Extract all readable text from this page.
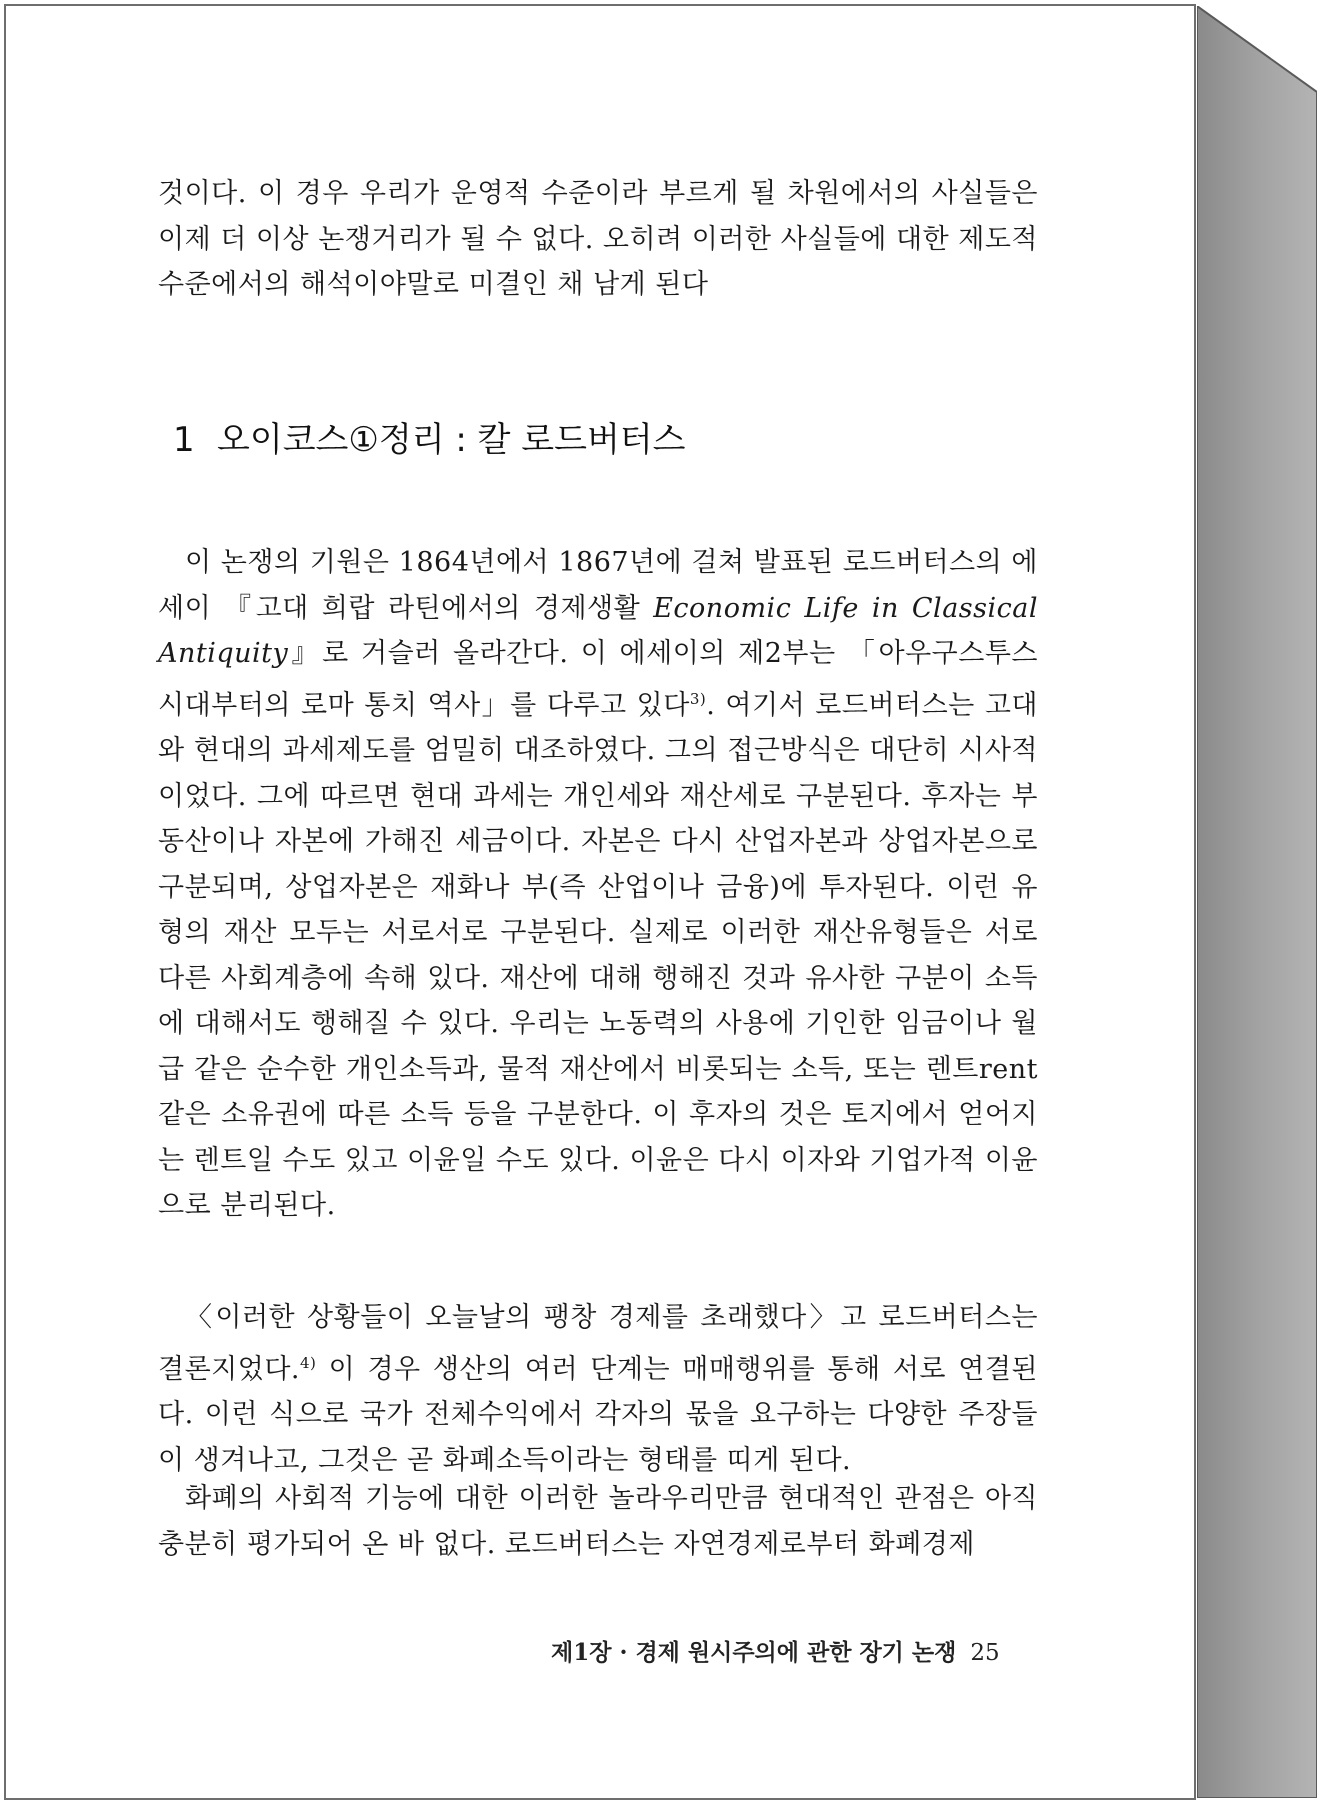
것이다. 이 경우 우리가 운영적 수준이라 부르게 될 차원에서의 사실들은 이제 더 이상 논쟁거리가 될 수 없다. 오히려 이러한 사실들에 대한 제도적 수준에서의 해석이야말로 미결인 채 남게 된다

1 오이코스①정리 : 칼 로드버터스

이 논쟁의 기원은 1864년에서 1867년에 걸쳐 발표된 로드버터스의 에세이 『고대 희랍 라틴에서의 경제생활 Economic Life in Classical Antiquity』로 거슬러 올라간다. 이 에세이의 제2부는 「아우구스투스 시대부터의 로마 통치 역사」를 다루고 있다$^{3)}$. 여기서 로드버터스는 고대와 현대의 과세제도를 엄밀히 대조하였다. 그의 접근방식은 대단히 시사적이었다. 그에 따르면 현대 과세는 개인세와 재산세로 구분된다. 후자는 부동산이나 자본에 가해진 세금이다. 자본은 다시 산업자본과 상업자본으로 구분되며, 상업자본은 재화나 부(즉 산업이나 금융)에 투자된다. 이런 유형의 재산 모두는 서로서로 구분된다. 실제로 이러한 재산유형들은 서로 다른 사회계층에 속해 있다. 재산에 대해 행해진 것과 유사한 구분이 소득에 대해서도 행해질 수 있다. 우리는 노동력의 사용에 기인한 임금이나 월급 같은 순수한 개인소득과, 물적 재산에서 비롯되는 소득, 또는 렌트rent 같은 소유권에 따른 소득 등을 구분한다. 이 후자의 것은 토지에서 얻어지는 렌트일 수도 있고 이윤일 수도 있다. 이윤은 다시 이자와 기업가적 이윤으로 분리된다.

〈이러한 상황들이 오늘날의 팽창 경제를 초래했다〉고 로드버터스는 결론지었다.$^{4)}$ 이 경우 생산의 여러 단계는 매매행위를 통해 서로 연결된다. 이런 식으로 국가 전체수익에서 각자의 몫을 요구하는 다양한 주장들이 생겨나고, 그것은 곧 화폐소득이라는 형태를 띠게 된다.

화폐의 사회적 기능에 대한 이러한 놀라우리만큼 현대적인 관점은 아직 충분히 평가되어 온 바 없다. 로드버터스는 자연경제로부터 화폐경제

제1장 · 경제 원시주의에 관한 장기 논쟁 25
